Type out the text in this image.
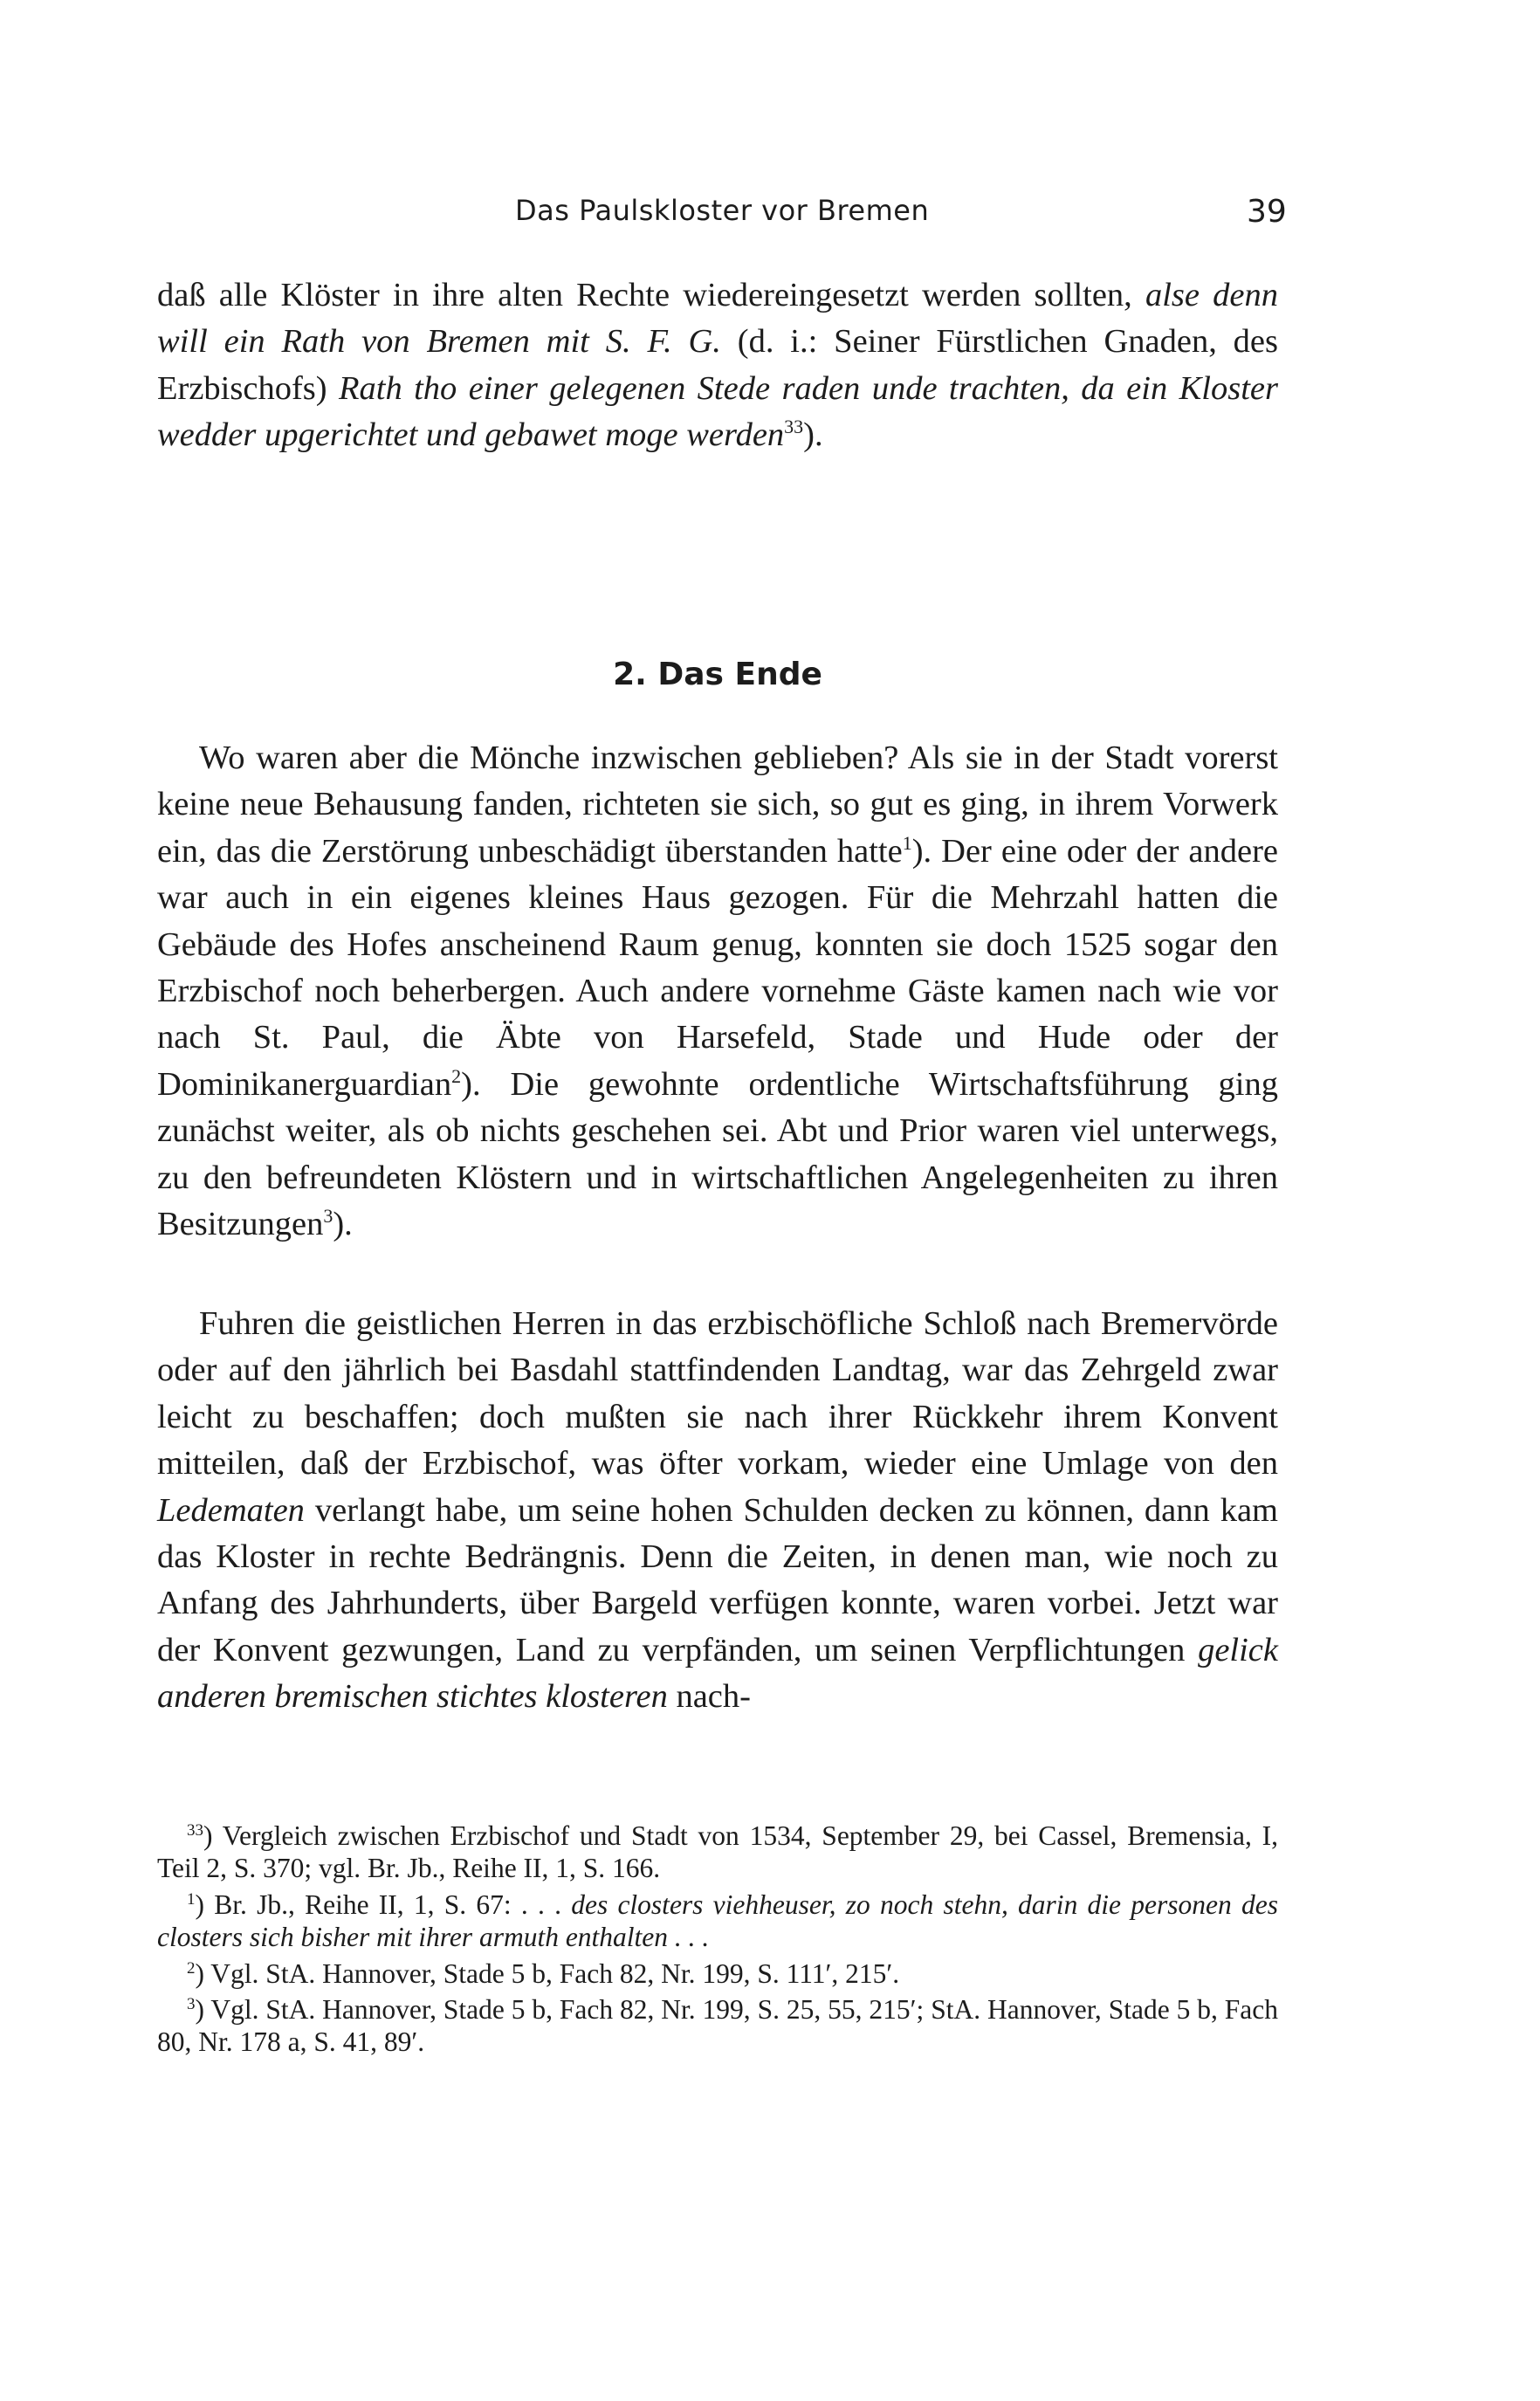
Das Paulskloster vor Bremen	39

daß alle Klöster in ihre alten Rechte wiedereingesetzt werden sollten, alse denn will ein Rath von Bremen mit S. F. G. (d. i.: Seiner Fürstlichen Gnaden, des Erzbischofs) Rath tho einer gelegenen Stede raden unde trachten, da ein Kloster wedder upgerichtet und gebawet moge werden$^{33}$).

2. Das Ende

Wo waren aber die Mönche inzwischen geblieben? Als sie in der Stadt vorerst keine neue Behausung fanden, richteten sie sich, so gut es ging, in ihrem Vorwerk ein, das die Zerstörung unbeschädigt überstanden hatte$^1$). Der eine oder der andere war auch in ein eigenes kleines Haus gezogen. Für die Mehrzahl hatten die Gebäude des Hofes anscheinend Raum genug, konnten sie doch 1525 sogar den Erzbischof noch beherbergen. Auch andere vornehme Gäste kamen nach wie vor nach St. Paul, die Äbte von Harsefeld, Stade und Hude oder der Dominikanerguardian$^2$). Die gewohnte ordentliche Wirtschaftsführung ging zunächst weiter, als ob nichts geschehen sei. Abt und Prior waren viel unterwegs, zu den befreundeten Klöstern und in wirtschaftlichen Angelegenheiten zu ihren Besitzungen$^3$).

Fuhren die geistlichen Herren in das erzbischöfliche Schloß nach Bremervörde oder auf den jährlich bei Basdahl stattfindenden Landtag, war das Zehrgeld zwar leicht zu beschaffen; doch mußten sie nach ihrer Rückkehr ihrem Konvent mitteilen, daß der Erzbischof, was öfter vorkam, wieder eine Umlage von den Ledematen verlangt habe, um seine hohen Schulden decken zu können, dann kam das Kloster in rechte Bedrängnis. Denn die Zeiten, in denen man, wie noch zu Anfang des Jahrhunderts, über Bargeld verfügen konnte, waren vorbei. Jetzt war der Konvent gezwungen, Land zu verpfänden, um seinen Verpflichtungen gelick anderen bremischen stichtes klosteren nach-

$^{33}$) Vergleich zwischen Erzbischof und Stadt von 1534, September 29, bei Cassel, Bremensia, I, Teil 2, S. 370; vgl. Br. Jb., Reihe II, 1, S. 166.

$^1$) Br. Jb., Reihe II, 1, S. 67: . . . des closters viehheuser, zo noch stehn, darin die personen des closters sich bisher mit ihrer armuth enthalten . . .

$^2$) Vgl. StA. Hannover, Stade 5 b, Fach 82, Nr. 199, S. 111′, 215′.

$^3$) Vgl. StA. Hannover, Stade 5 b, Fach 82, Nr. 199, S. 25, 55, 215′; StA. Hannover, Stade 5 b, Fach 80, Nr. 178 a, S. 41, 89′.
